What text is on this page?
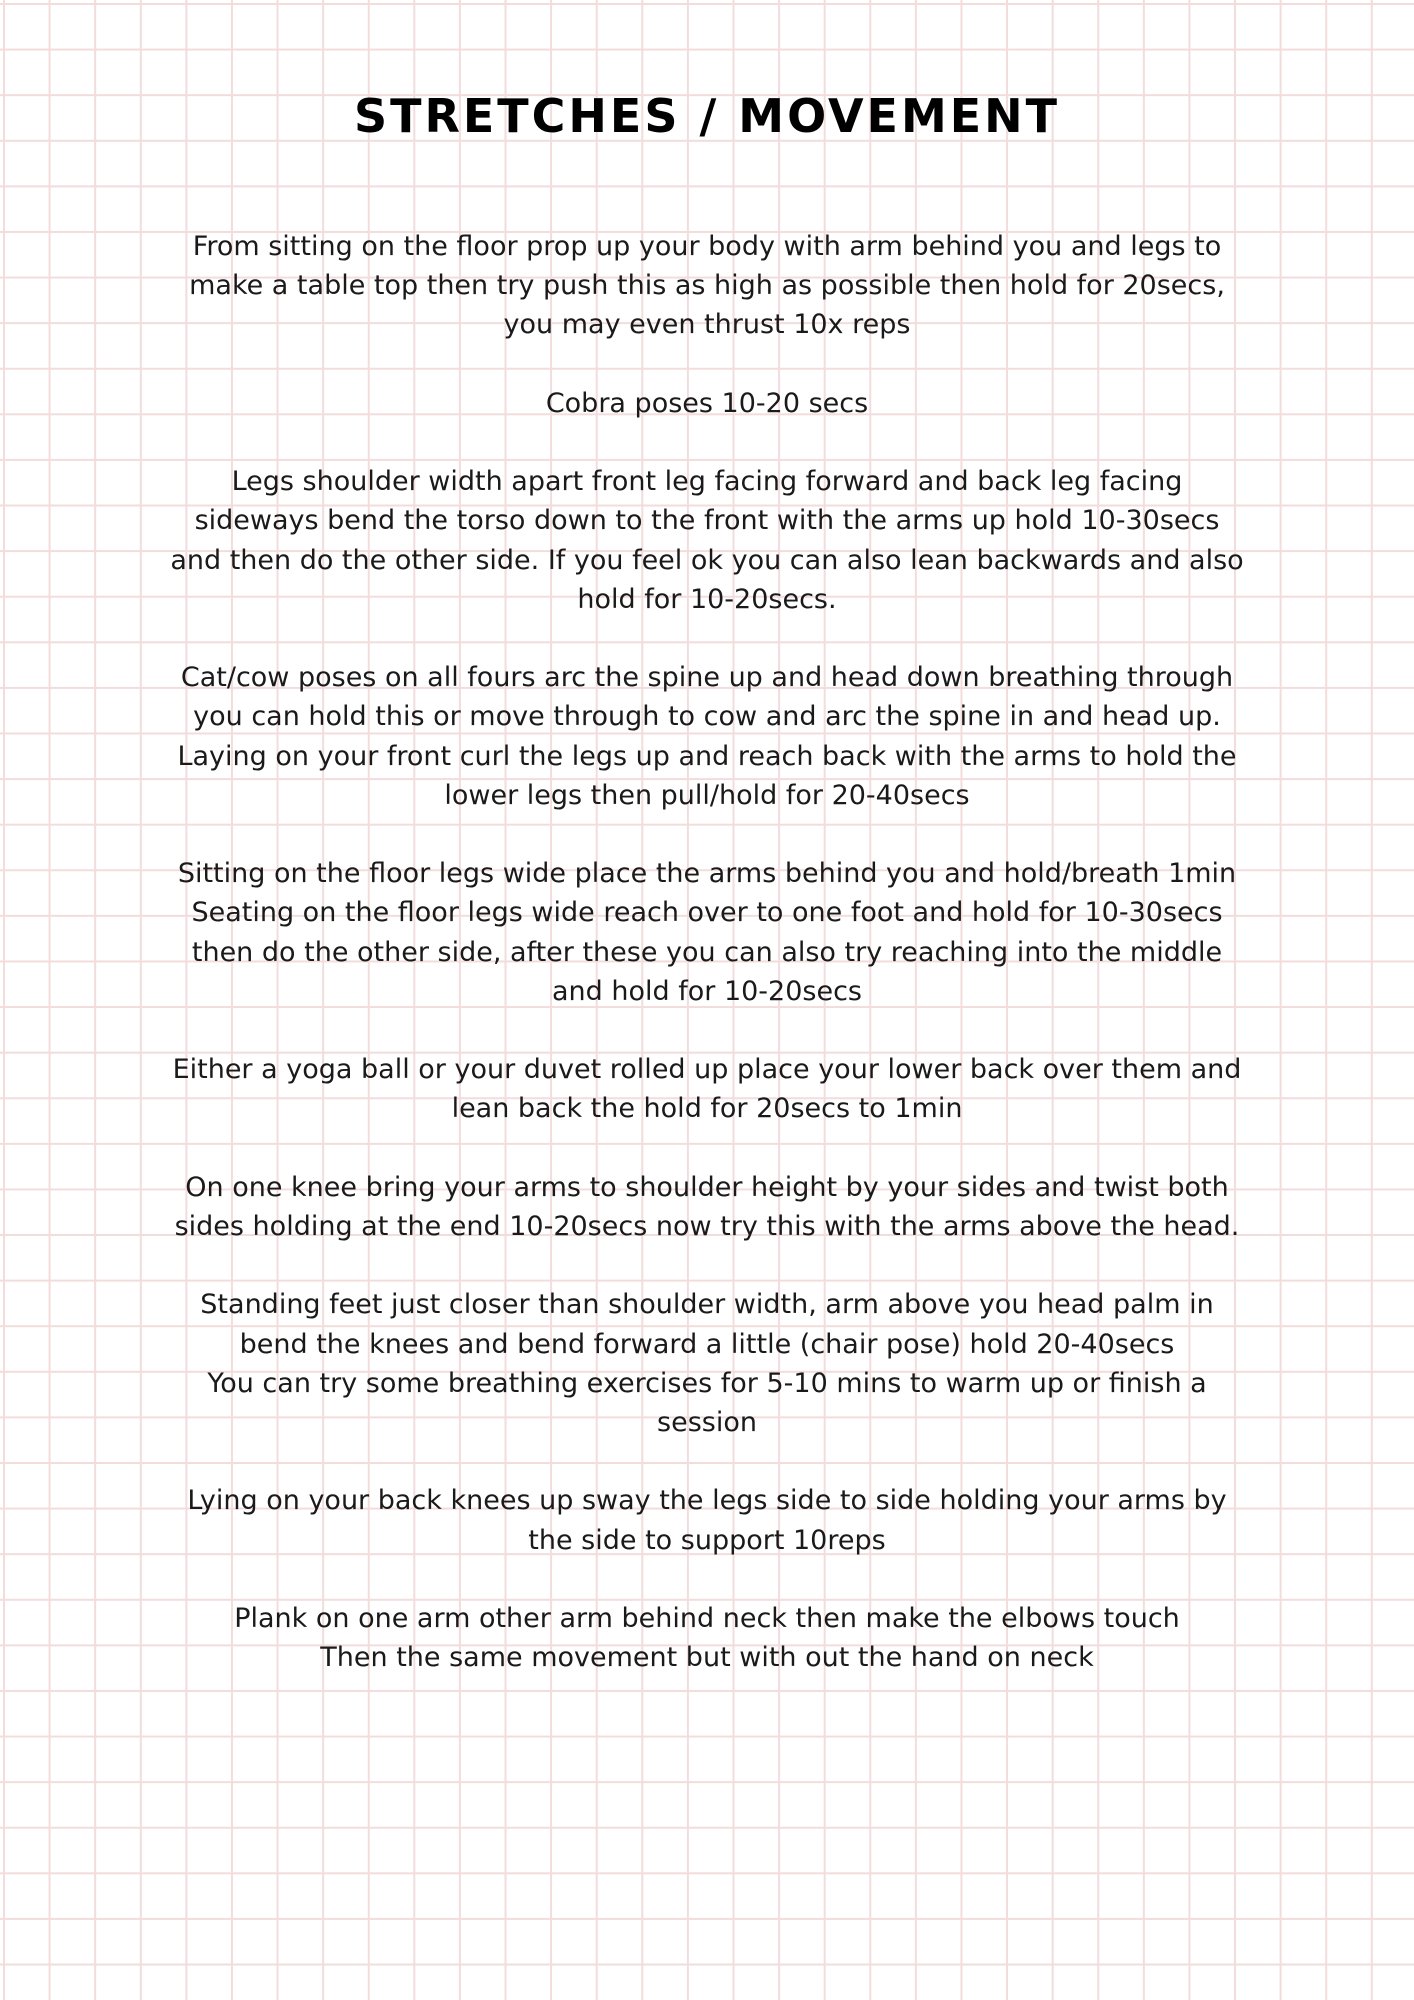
STRETCHES / MOVEMENT

From sitting on the floor prop up your body with arm behind you and legs to
make a table top then try push this as high as possible then hold for 20secs,
you may even thrust 10x reps

Cobra poses 10-20 secs

Legs shoulder width apart front leg facing forward and back leg facing
sideways bend the torso down to the front with the arms up hold 10-30secs
and then do the other side. If you feel ok you can also lean backwards and also
hold for 10-20secs.

Cat/cow poses on all fours arc the spine up and head down breathing through
you can hold this or move through to cow and arc the spine in and head up.
Laying on your front curl the legs up and reach back with the arms to hold the
lower legs then pull/hold for 20-40secs

Sitting on the floor legs wide place the arms behind you and hold/breath 1min
Seating on the floor legs wide reach over to one foot and hold for 10-30secs
then do the other side, after these you can also try reaching into the middle
and hold for 10-20secs

Either a yoga ball or your duvet rolled up place your lower back over them and
lean back the hold for 20secs to 1min

On one knee bring your arms to shoulder height by your sides and twist both
sides holding at the end 10-20secs now try this with the arms above the head.

Standing feet just closer than shoulder width, arm above you head palm in
bend the knees and bend forward a little (chair pose) hold 20-40secs
You can try some breathing exercises for 5-10 mins to warm up or finish a
session

Lying on your back knees up sway the legs side to side holding your arms by
the side to support 10reps

Plank on one arm other arm behind neck then make the elbows touch
Then the same movement but with out the hand on neck
